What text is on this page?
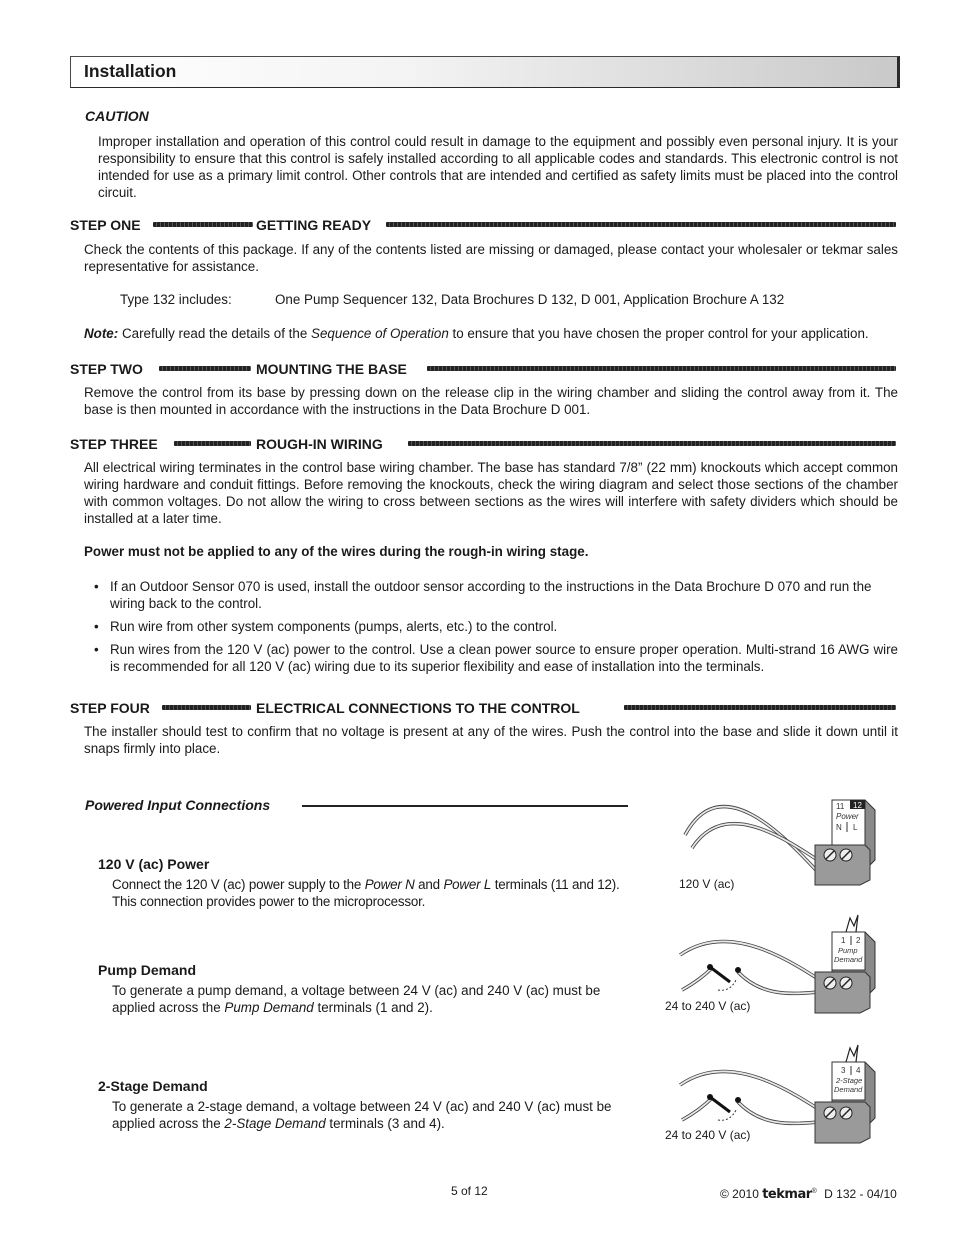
Installation
CAUTION

Improper installation and operation of this control could result in damage to the equipment and possibly even personal injury. It is your responsibility to ensure that this control is safely installed according to all applicable codes and standards. This electronic control is not intended for use as a primary limit control. Other controls that are intended and certified as safety limits must be placed into the control circuit.

STEP ONE	GETTING READY

Check the contents of this package. If any of the contents listed are missing or damaged, please contact your wholesaler or tekmar sales representative for assistance.

Type 132 includes:	One Pump Sequencer 132, Data Brochures D 132, D 001, Application Brochure A 132

Note: Carefully read the details of the Sequence of Operation to ensure that you have chosen the proper control for your application.

STEP TWO	MOUNTING THE BASE

Remove the control from its base by pressing down on the release clip in the wiring chamber and sliding the control away from it. The base is then mounted in accordance with the instructions in the Data Brochure D 001.

STEP THREE	ROUGH-IN WIRING

All electrical wiring terminates in the control base wiring chamber. The base has standard 7/8” (22 mm) knockouts which accept common wiring hardware and conduit fittings. Before removing the knockouts, check the wiring diagram and select those sections of the chamber with common voltages. Do not allow the wiring to cross between sections as the wires will interfere with safety dividers which should be installed at a later time.

Power must not be applied to any of the wires during the rough-in wiring stage.

• If an Outdoor Sensor 070 is used, install the outdoor sensor according to the instructions in the Data Brochure D 070 and run the wiring back to the control.

• Run wire from other system components (pumps, alerts, etc.) to the control.

• Run wires from the 120 V (ac) power to the control. Use a clean power source to ensure proper operation. Multi-strand 16 AWG wire is recommended for all 120 V (ac) wiring due to its superior flexibility and ease of installation into the terminals.

STEP FOUR	ELECTRICAL CONNECTIONS TO THE CONTROL

The installer should test to confirm that no voltage is present at any of the wires. Push the control into the base and slide it down until it snaps firmly into place.

Powered Input Connections
120 V (ac) Power

Connect the 120 V (ac) power supply to the Power N and Power L terminals (11 and 12).
This connection provides power to the microprocessor.

Pump Demand

To generate a pump demand, a voltage between 24 V (ac) and 240 V (ac) must be
applied across the Pump Demand terminals (1 and 2).

2-Stage Demand

To generate a 2-stage demand, a voltage between 24 V (ac) and 240 V (ac) must be
applied across the 2-Stage Demand terminals (3 and 4).

11 12
Power
N L
120 V (ac)
1 2
Pump
Demand
24 to 240 V (ac)
3 4
2-Stage
Demand
24 to 240 V (ac)
5 of 12	© 2010 tekmar® D 132 - 04/10
